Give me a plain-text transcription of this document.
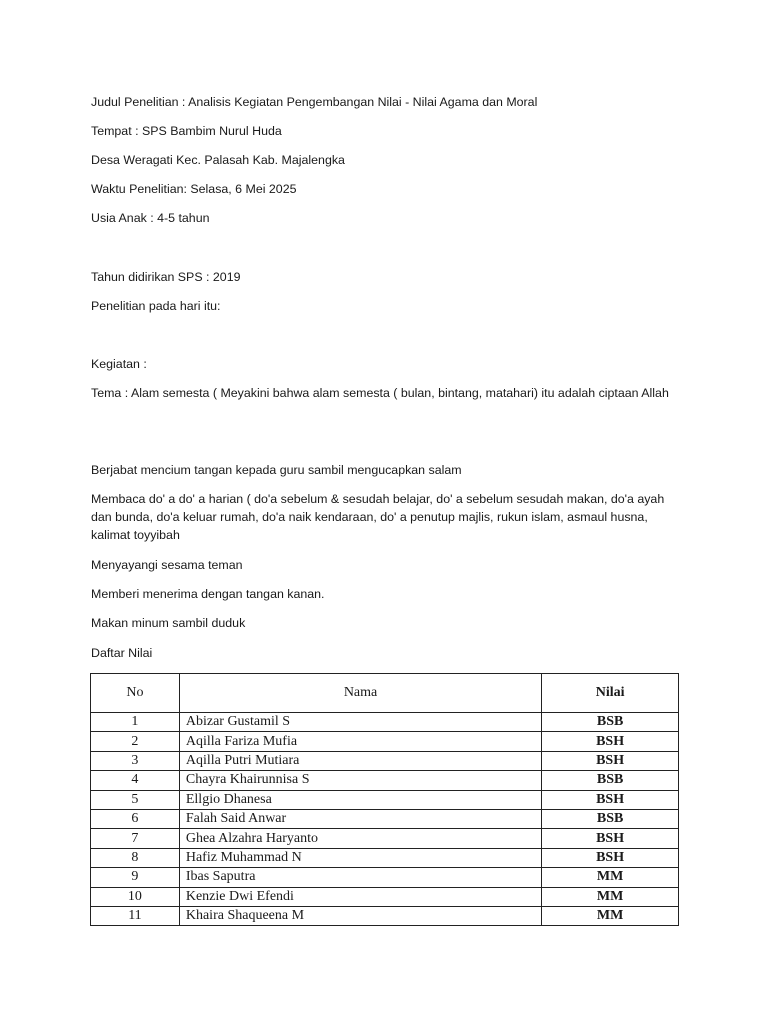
Judul Penelitian : Analisis Kegiatan Pengembangan Nilai - Nilai Agama dan Moral
Tempat : SPS Bambim Nurul Huda
Desa Weragati Kec. Palasah Kab. Majalengka
Waktu Penelitian: Selasa, 6 Mei 2025
Usia Anak : 4-5 tahun
Tahun didirikan SPS : 2019
Penelitian pada hari itu:
Kegiatan :
Tema : Alam semesta ( Meyakini bahwa alam semesta ( bulan, bintang, matahari) itu adalah ciptaan Allah
Berjabat mencium tangan kepada guru sambil mengucapkan salam
Membaca do' a do' a harian ( do'a sebelum & sesudah belajar, do' a sebelum sesudah makan, do'a ayah dan bunda, do'a keluar rumah, do'a naik kendaraan, do' a penutup majlis, rukun islam, asmaul husna, kalimat toyyibah
Menyayangi sesama teman
Memberi menerima dengan tangan kanan.
Makan minum sambil duduk
Daftar Nilai
No	Nama	Nilai
1	Abizar Gustamil S	BSB
2	Aqilla Fariza Mufia	BSH
3	Aqilla Putri Mutiara	BSH
4	Chayra Khairunnisa S	BSB
5	Ellgio Dhanesa	BSH
6	Falah Said Anwar	BSB
7	Ghea Alzahra Haryanto	BSH
8	Hafiz Muhammad N	BSH
9	Ibas Saputra	MM
10	Kenzie Dwi Efendi	MM
11	Khaira Shaqueena M	MM
